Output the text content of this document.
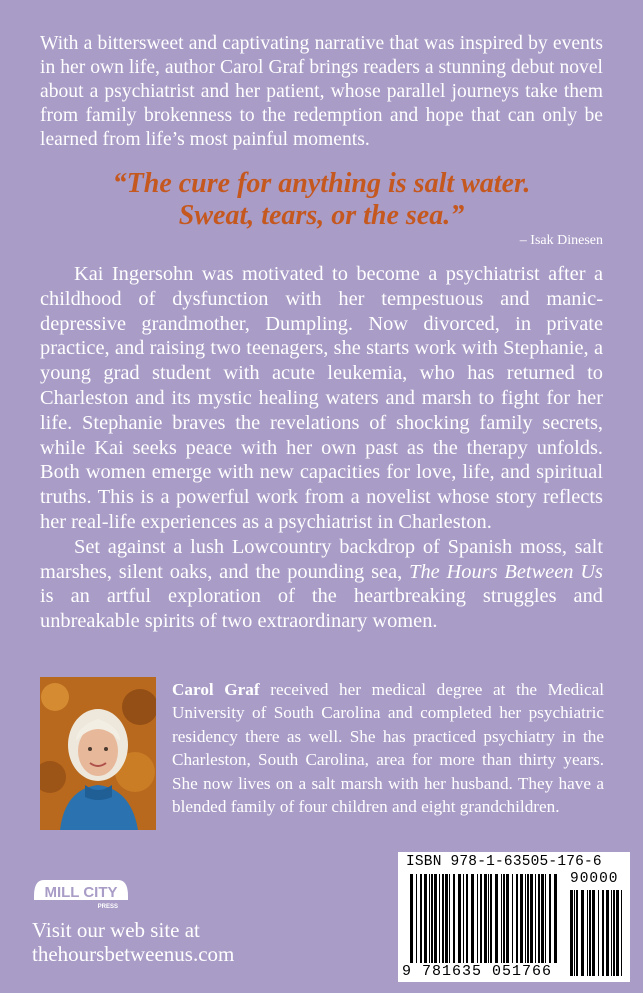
With a bittersweet and captivating narrative that was inspired by events in her own life, author Carol Graf brings readers a stunning debut novel about a psychiatrist and her patient, whose parallel journeys take them from family brokenness to the redemption and hope that can only be learned from life’s most painful moments.

“The cure for anything is salt water.
Sweat, tears, or the sea.”

– Isak Dinesen

Kai Ingersohn was motivated to become a psychiatrist after a childhood of dysfunction with her tempestuous and manic-depressive grandmother, Dumpling. Now divorced, in private practice, and raising two teenagers, she starts work with Stephanie, a young grad student with acute leukemia, who has returned to Charleston and its mystic healing waters and marsh to fight for her life. Stephanie braves the revelations of shocking family secrets, while Kai seeks peace with her own past as the therapy unfolds. Both women emerge with new capacities for love, life, and spiritual truths. This is a powerful work from a novelist whose story reflects her real-life experiences as a psychiatrist in Charleston.

Set against a lush Lowcountry backdrop of Spanish moss, salt marshes, silent oaks, and the pounding sea, The Hours Between Us is an artful exploration of the heartbreaking struggles and unbreakable spirits of two extraordinary women.

Carol Graf received her medical degree at the Medical University of South Carolina and completed her psychiatric residency there as well. She has practiced psychiatry in the Charleston, South Carolina, area for more than thirty years. She now lives on a salt marsh with her husband. They have a blended family of four children and eight grandchildren.

MILL CITY
PRESS
Visit our web site at
thehoursbetweenus.com
ISBN 978-1-63505-176-6
90000
9 781635 051766
